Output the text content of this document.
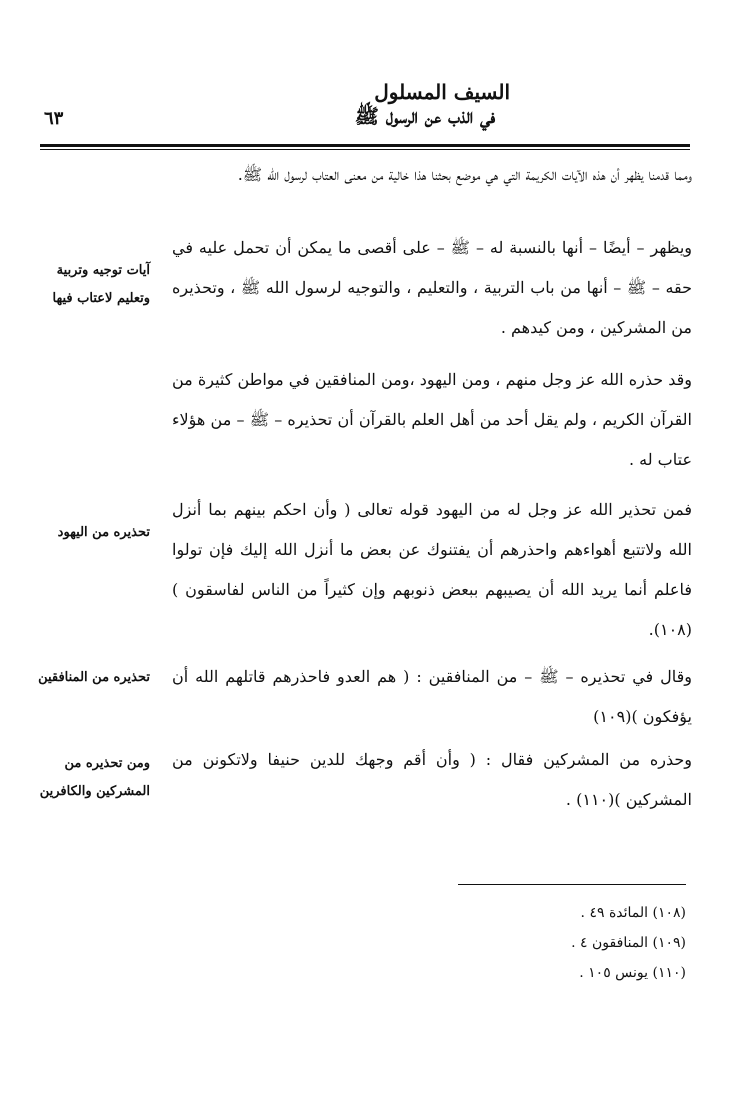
السيف المسلول
في الذب عن الرسول ﷺ
٦٣

ومما قدمنا يظهر أن هذه الآيات الكريمة التي هي موضع بحثنا هذا خالية من معنى العتاب لرسول الله ﷺ.

ويظهر – أيضًا – أنها بالنسبة له – ﷺ – على أقصى ما يمكن أن تحمل عليه في حقه – ﷺ – أنها من باب التربية ، والتعليم ، والتوجيه لرسول الله ﷺ ، وتحذيره من المشركين ، ومن كيدهم .

وقد حذره الله عز وجل منهم ، ومن اليهود ،ومن المنافقين في مواطن كثيرة من القرآن الكريم ، ولم يقل أحد من أهل العلم بالقرآن أن تحذيره – ﷺ – من هؤلاء عتاب له .

فمن تحذير الله عز وجل له من اليهود قوله تعالى ( وأن احكم بينهم بما أنزل الله ولاتتبع أهواءهم واحذرهم أن يفتنوك عن بعض ما أنزل الله إليك فإن تولوا فاعلم أنما يريد الله أن يصيبهم ببعض ذنوبهم وإن كثيراً من الناس لفاسقون )(١٠٨).

وقال في تحذيره – ﷺ – من المنافقين : ( هم العدو فاحذرهم قاتلهم الله أن يؤفكون )(١٠٩)

وحذره من المشركين فقال : ( وأن أقم وجهك للدين حنيفا ولاتكونن من المشركين )(١١٠) .

آيات توجيه وتربية وتعليم لاعتاب فيها
تحذيره من اليهود
تحذيره من المنافقين
ومن تحذيره من المشركين والكافرين
(١٠٨) المائدة ٤٩ .
(١٠٩) المنافقون ٤ .
(١١٠) يونس ١٠٥ .
